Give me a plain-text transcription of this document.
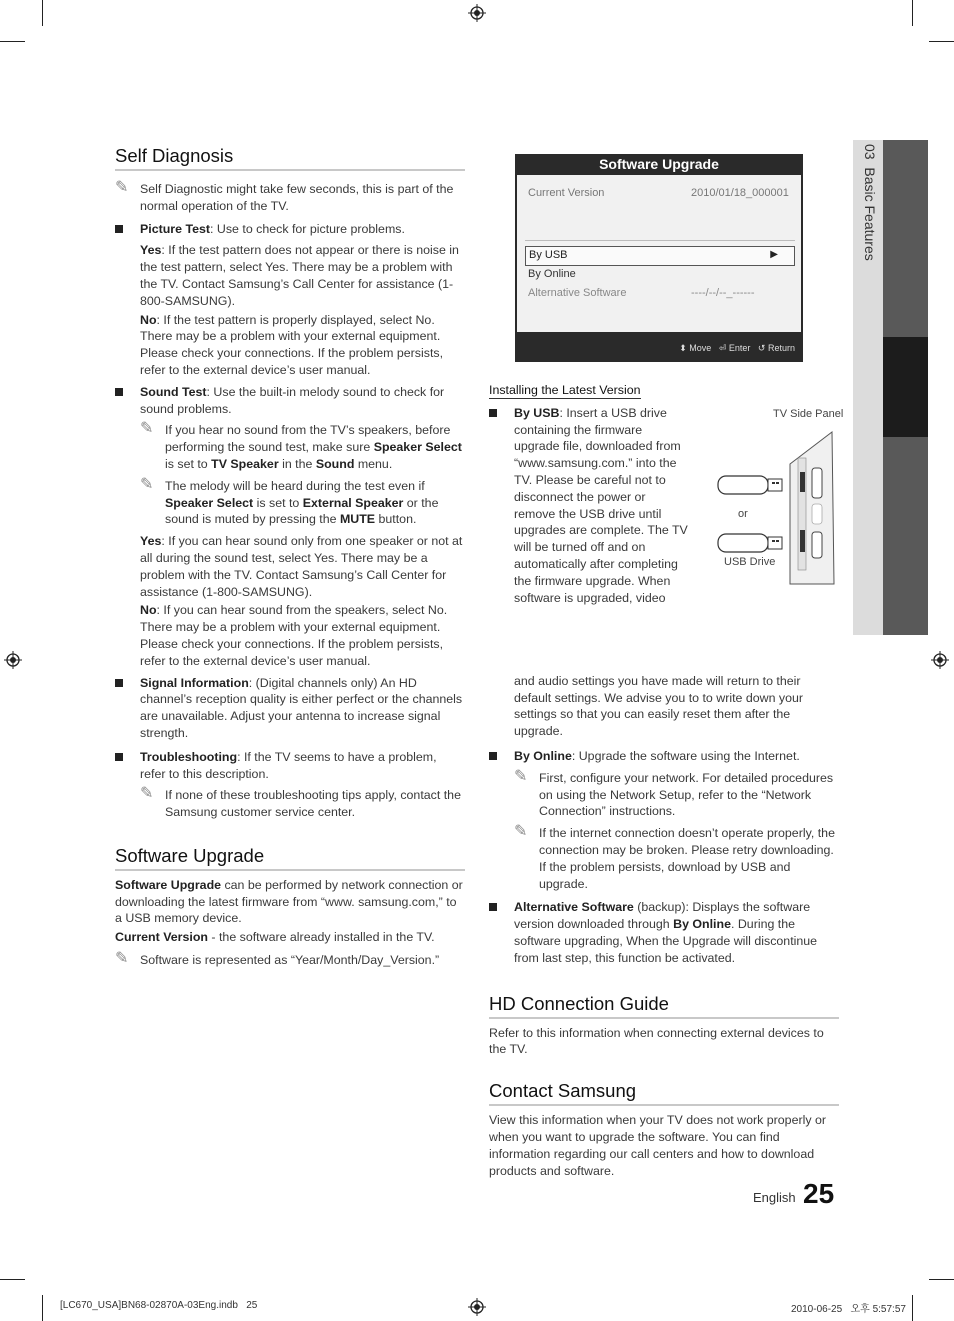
03  Basic Features
Self Diagnosis

✎ Self Diagnostic might take few seconds, this is part of the normal operation of the TV.

Picture Test: Use to check for picture problems.

Yes: If the test pattern does not appear or there is noise in the test pattern, select Yes. There may be a problem with the TV. Contact Samsung’s Call Center for assistance (1-800-SAMSUNG).

No: If the test pattern is properly displayed, select No. There may be a problem with your external equipment. Please check your connections. If the problem persists, refer to the external device’s user manual.

Sound Test: Use the built-in melody sound to check for sound problems.

✎ If you hear no sound from the TV’s speakers, before performing the sound test, make sure Speaker Select is set to TV Speaker in the Sound menu.

✎ The melody will be heard during the test even if Speaker Select is set to External Speaker or the sound is muted by pressing the MUTE button.

Yes: If you can hear sound only from one speaker or not at all during the sound test, select Yes. There may be a problem with the TV. Contact Samsung’s Call Center for assistance (1-800-SAMSUNG).

No: If you can hear sound from the speakers, select No. There may be a problem with your external equipment. Please check your connections. If the problem persists, refer to the external device’s user manual.

Signal Information: (Digital channels only) An HD channel’s reception quality is either perfect or the channels are unavailable. Adjust your antenna to increase signal strength.

Troubleshooting: If the TV seems to have a problem, refer to this description.

✎ If none of these troubleshooting tips apply, contact the Samsung customer service center.

Software Upgrade

Software Upgrade can be performed by network connection or downloading the latest firmware from “www. samsung.com,” to a USB memory device.

Current Version - the software already installed in the TV.

✎ Software is represented as “Year/Month/Day_Version.”

Software Upgrade
Current Version	2010/01/18_000001
By USB	▶
By Online
Alternative Software	----/--/--_------
⬍ Move ⏎ Enter ↺ Return

Installing the Latest Version

By USB: Insert a USB drive containing the firmware upgrade file, downloaded from “www.samsung.com.” into the TV. Please be careful not to disconnect the power or remove the USB drive until upgrades are complete. The TV will be turned off and on automatically after completing the firmware upgrade. When software is upgraded, video

and audio settings you have made will return to their default settings. We advise you to to write down your settings so that you can easily reset them after the upgrade.

By Online: Upgrade the software using the Internet.

✎ First, configure your network. For detailed procedures on using the Network Setup, refer to the “Network Connection” instructions.

✎ If the internet connection doesn’t operate properly, the connection may be broken. Please retry downloading. If the problem persists, download by USB and upgrade.

Alternative Software (backup): Displays the software version downloaded through By Online. During the software upgrading, When the Upgrade will discontinue from last step, this function be activated.

HD Connection Guide

Refer to this information when connecting external devices to the TV.

Contact Samsung

View this information when your TV does not work properly or when you want to upgrade the software. You can find information regarding our call centers and how to download products and software.

TV Side Panel
or
USB Drive
English 25
[LC670_USA]BN68-02870A-03Eng.indb   25	2010-06-25   오후 5:57:57
